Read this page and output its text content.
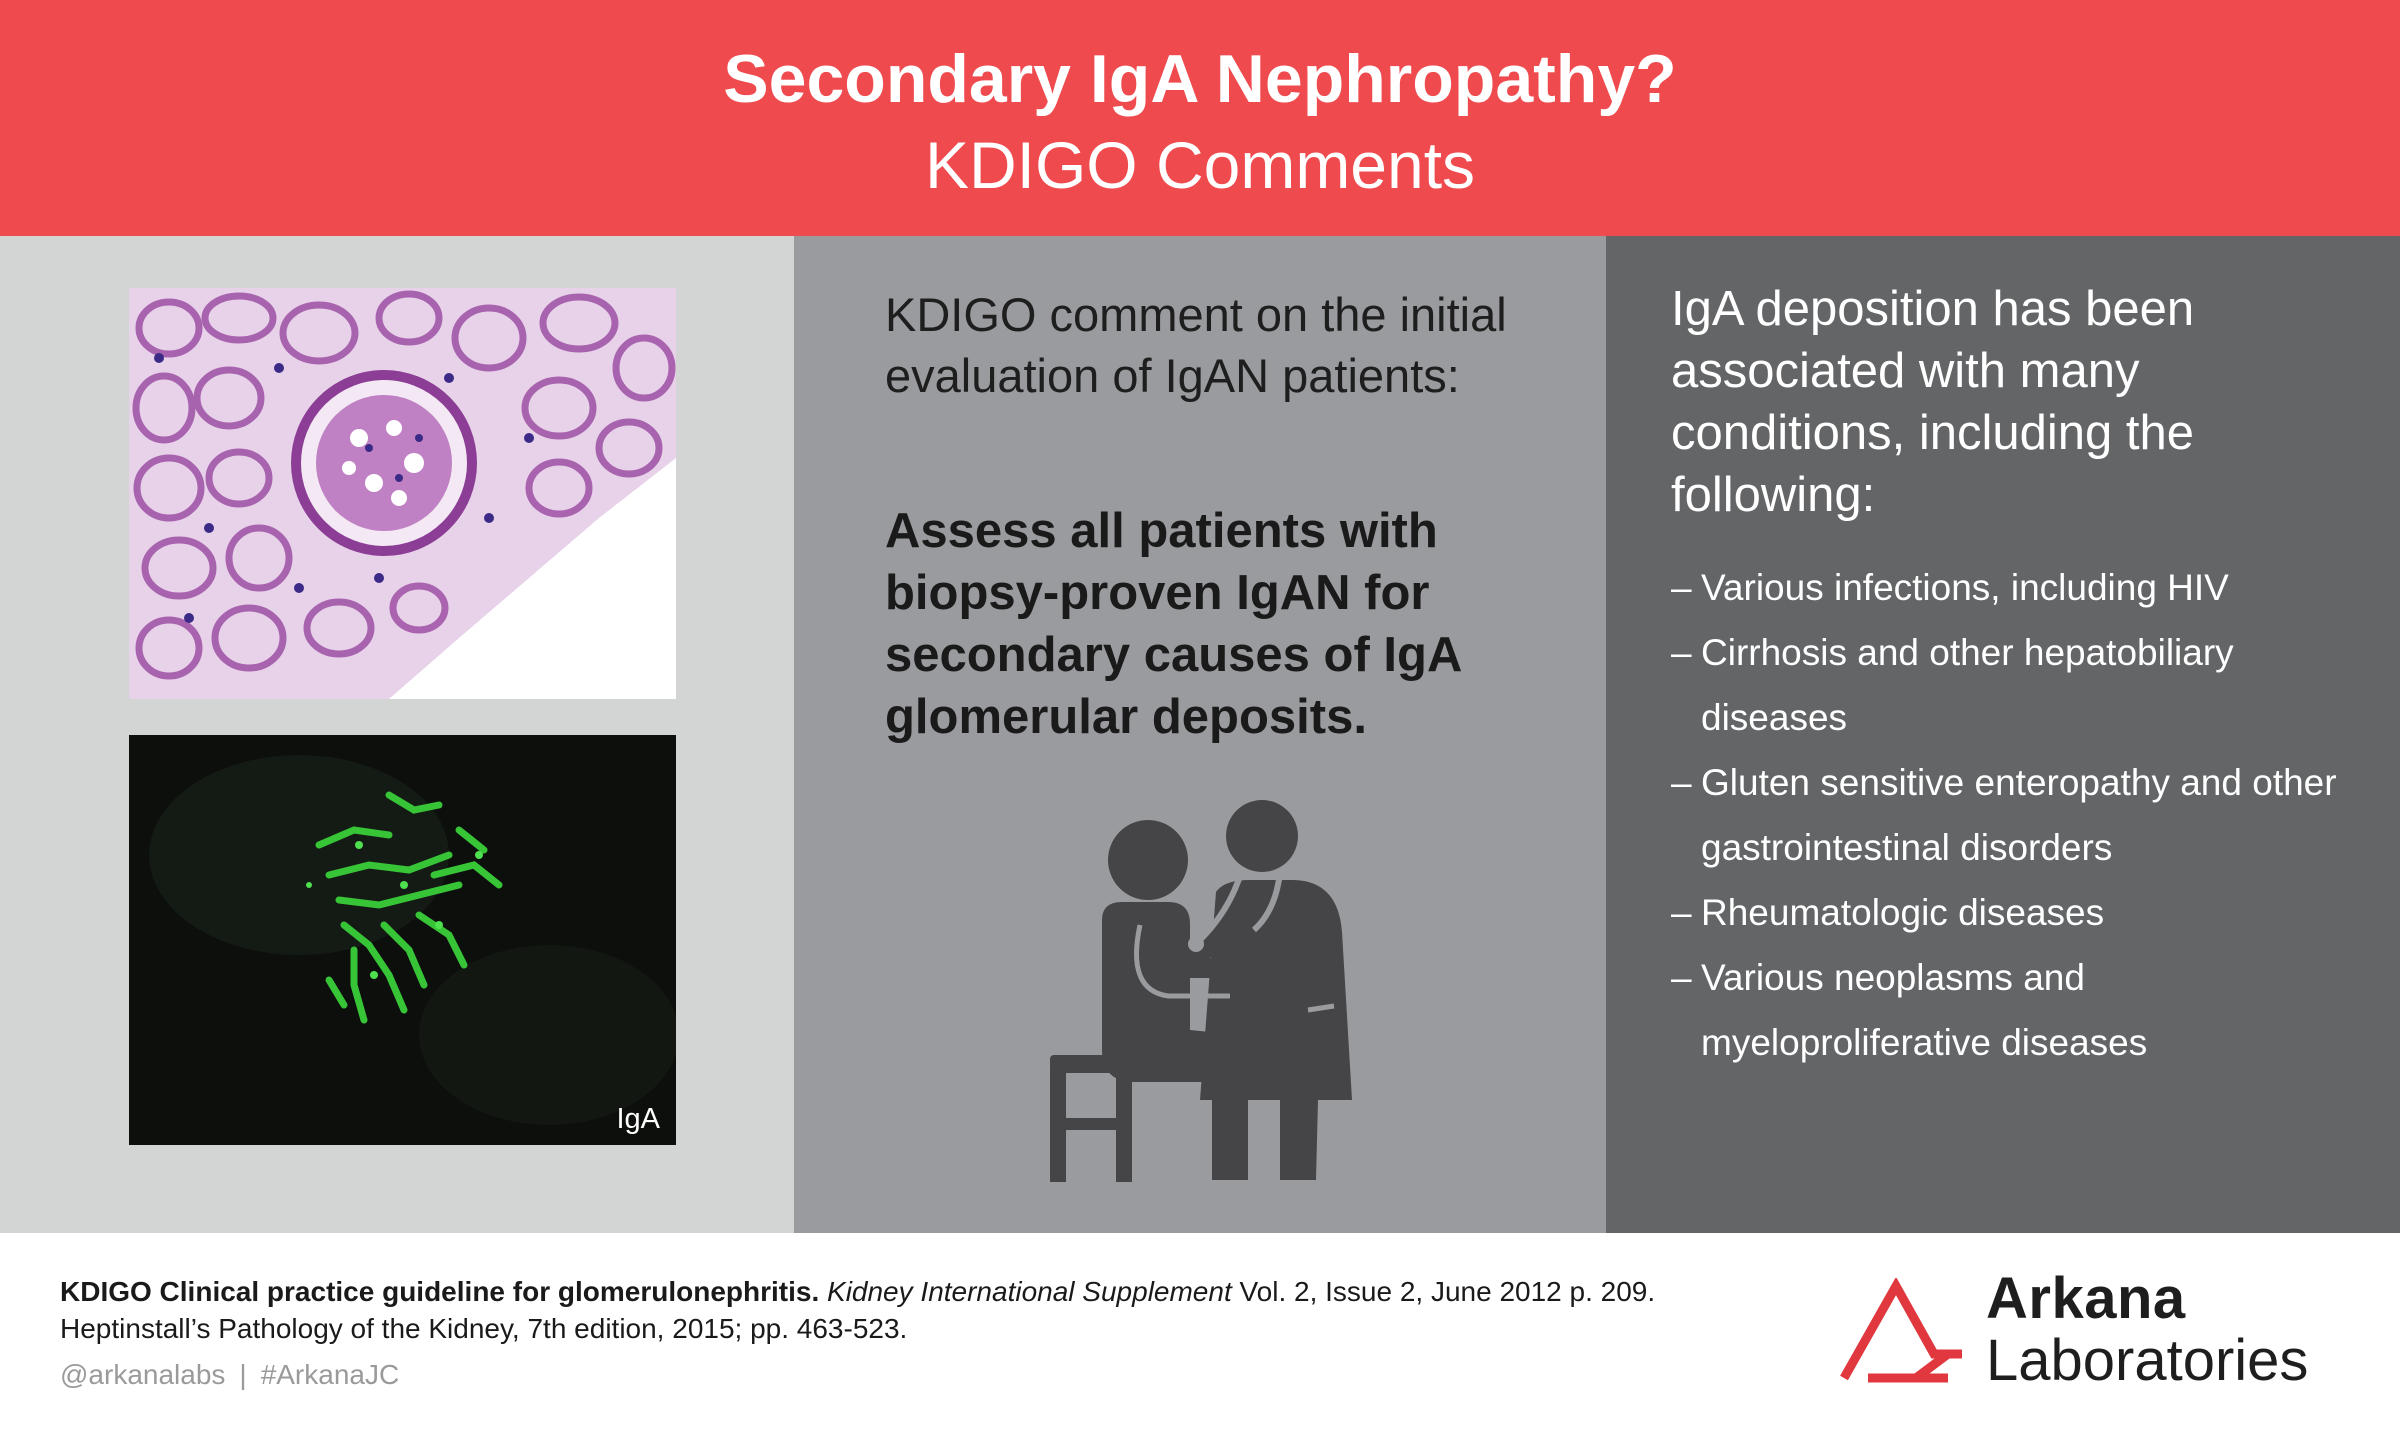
Secondary IgA Nephropathy?
KDIGO Comments
IgA
KDIGO comment on the initial evaluation of IgAN patients:
Assess all patients with biopsy-proven IgAN for secondary causes of IgA glomerular deposits.
IgA deposition has been associated with many conditions, including the following:
– Various infections, including HIV
– Cirrhosis and other hepatobiliary diseases
– Gluten sensitive enteropathy and other gastrointestinal disorders
– Rheumatologic diseases
– Various neoplasms and myeloproliferative diseases
KDIGO Clinical practice guideline for glomerulonephritis. Kidney International Supplement Vol. 2, Issue 2, June 2012 p. 209.
Heptinstall’s Pathology of the Kidney, 7th edition, 2015; pp. 463-523.
@arkanalabs | #ArkanaJC
Arkana
Laboratories
